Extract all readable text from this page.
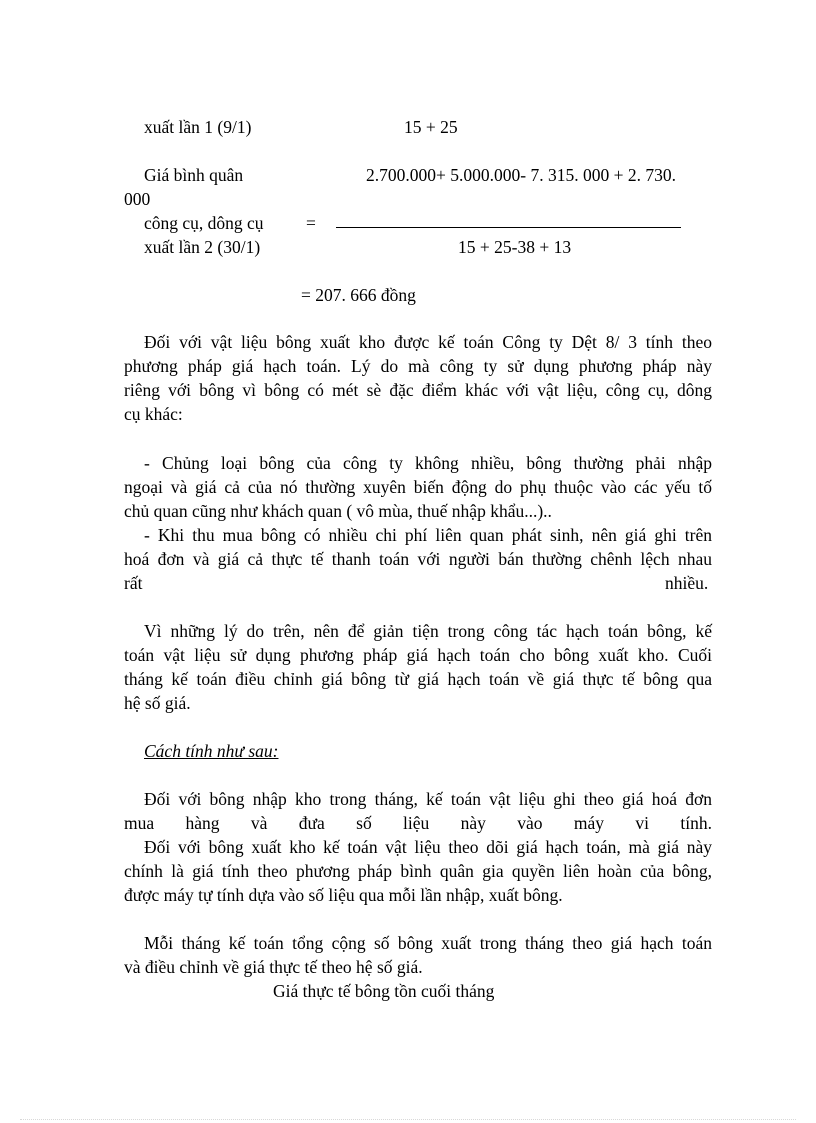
xuất lần 1 (9/1)	15 + 25
Giá bình quân	2.700.000+ 5.000.000- 7. 315. 000 + 2. 730.
000
công cụ, dông cụ =
xuất lần 2 (30/1)	15 + 25-38 + 13
= 207. 666 đồng
Đối với vật liệu bông xuất kho được kế toán Công ty Dệt 8/ 3 tính theo
phương pháp giá hạch toán. Lý do mà công ty sử dụng phương pháp này
riêng với bông vì bông có mét sè đặc điểm khác với vật liệu, công cụ, dông
cụ khác:
- Chủng loại bông của công ty không nhiều, bông thường phải nhập
ngoại và giá cả của nó thường xuyên biến động do phụ thuộc vào các yếu tố
chủ quan cũng như khách quan ( vô mùa, thuế nhập khẩu...)..
- Khi thu mua bông có nhiều chi phí liên quan phát sinh, nên giá ghi trên
hoá đơn và giá cả thực tế thanh toán với người bán thường chênh lệch nhau
rất	nhiều.
Vì những lý do trên, nên để giản tiện trong công tác hạch toán bông, kế
toán vật liệu sử dụng phương pháp giá hạch toán cho bông xuất kho. Cuối
tháng kế toán điều chỉnh giá bông từ giá hạch toán về giá thực tế bông qua
hệ số giá.
Cách tính như sau:
Đối với bông nhập kho trong tháng, kế toán vật liệu ghi theo giá hoá đơn
mua hàng và đưa số liệu này vào máy vi tính.
Đối với bông xuất kho kế toán vật liệu theo dõi giá hạch toán, mà giá này
chính là giá tính theo phương pháp bình quân gia quyền liên hoàn của bông,
được máy tự tính dựa vào số liệu qua mỗi lần nhập, xuất bông.
Mỗi tháng kế toán tổng cộng số bông xuất trong tháng theo giá hạch toán
và điều chỉnh về giá thực tế theo hệ số giá.
Giá thực tế bông tồn cuối tháng
